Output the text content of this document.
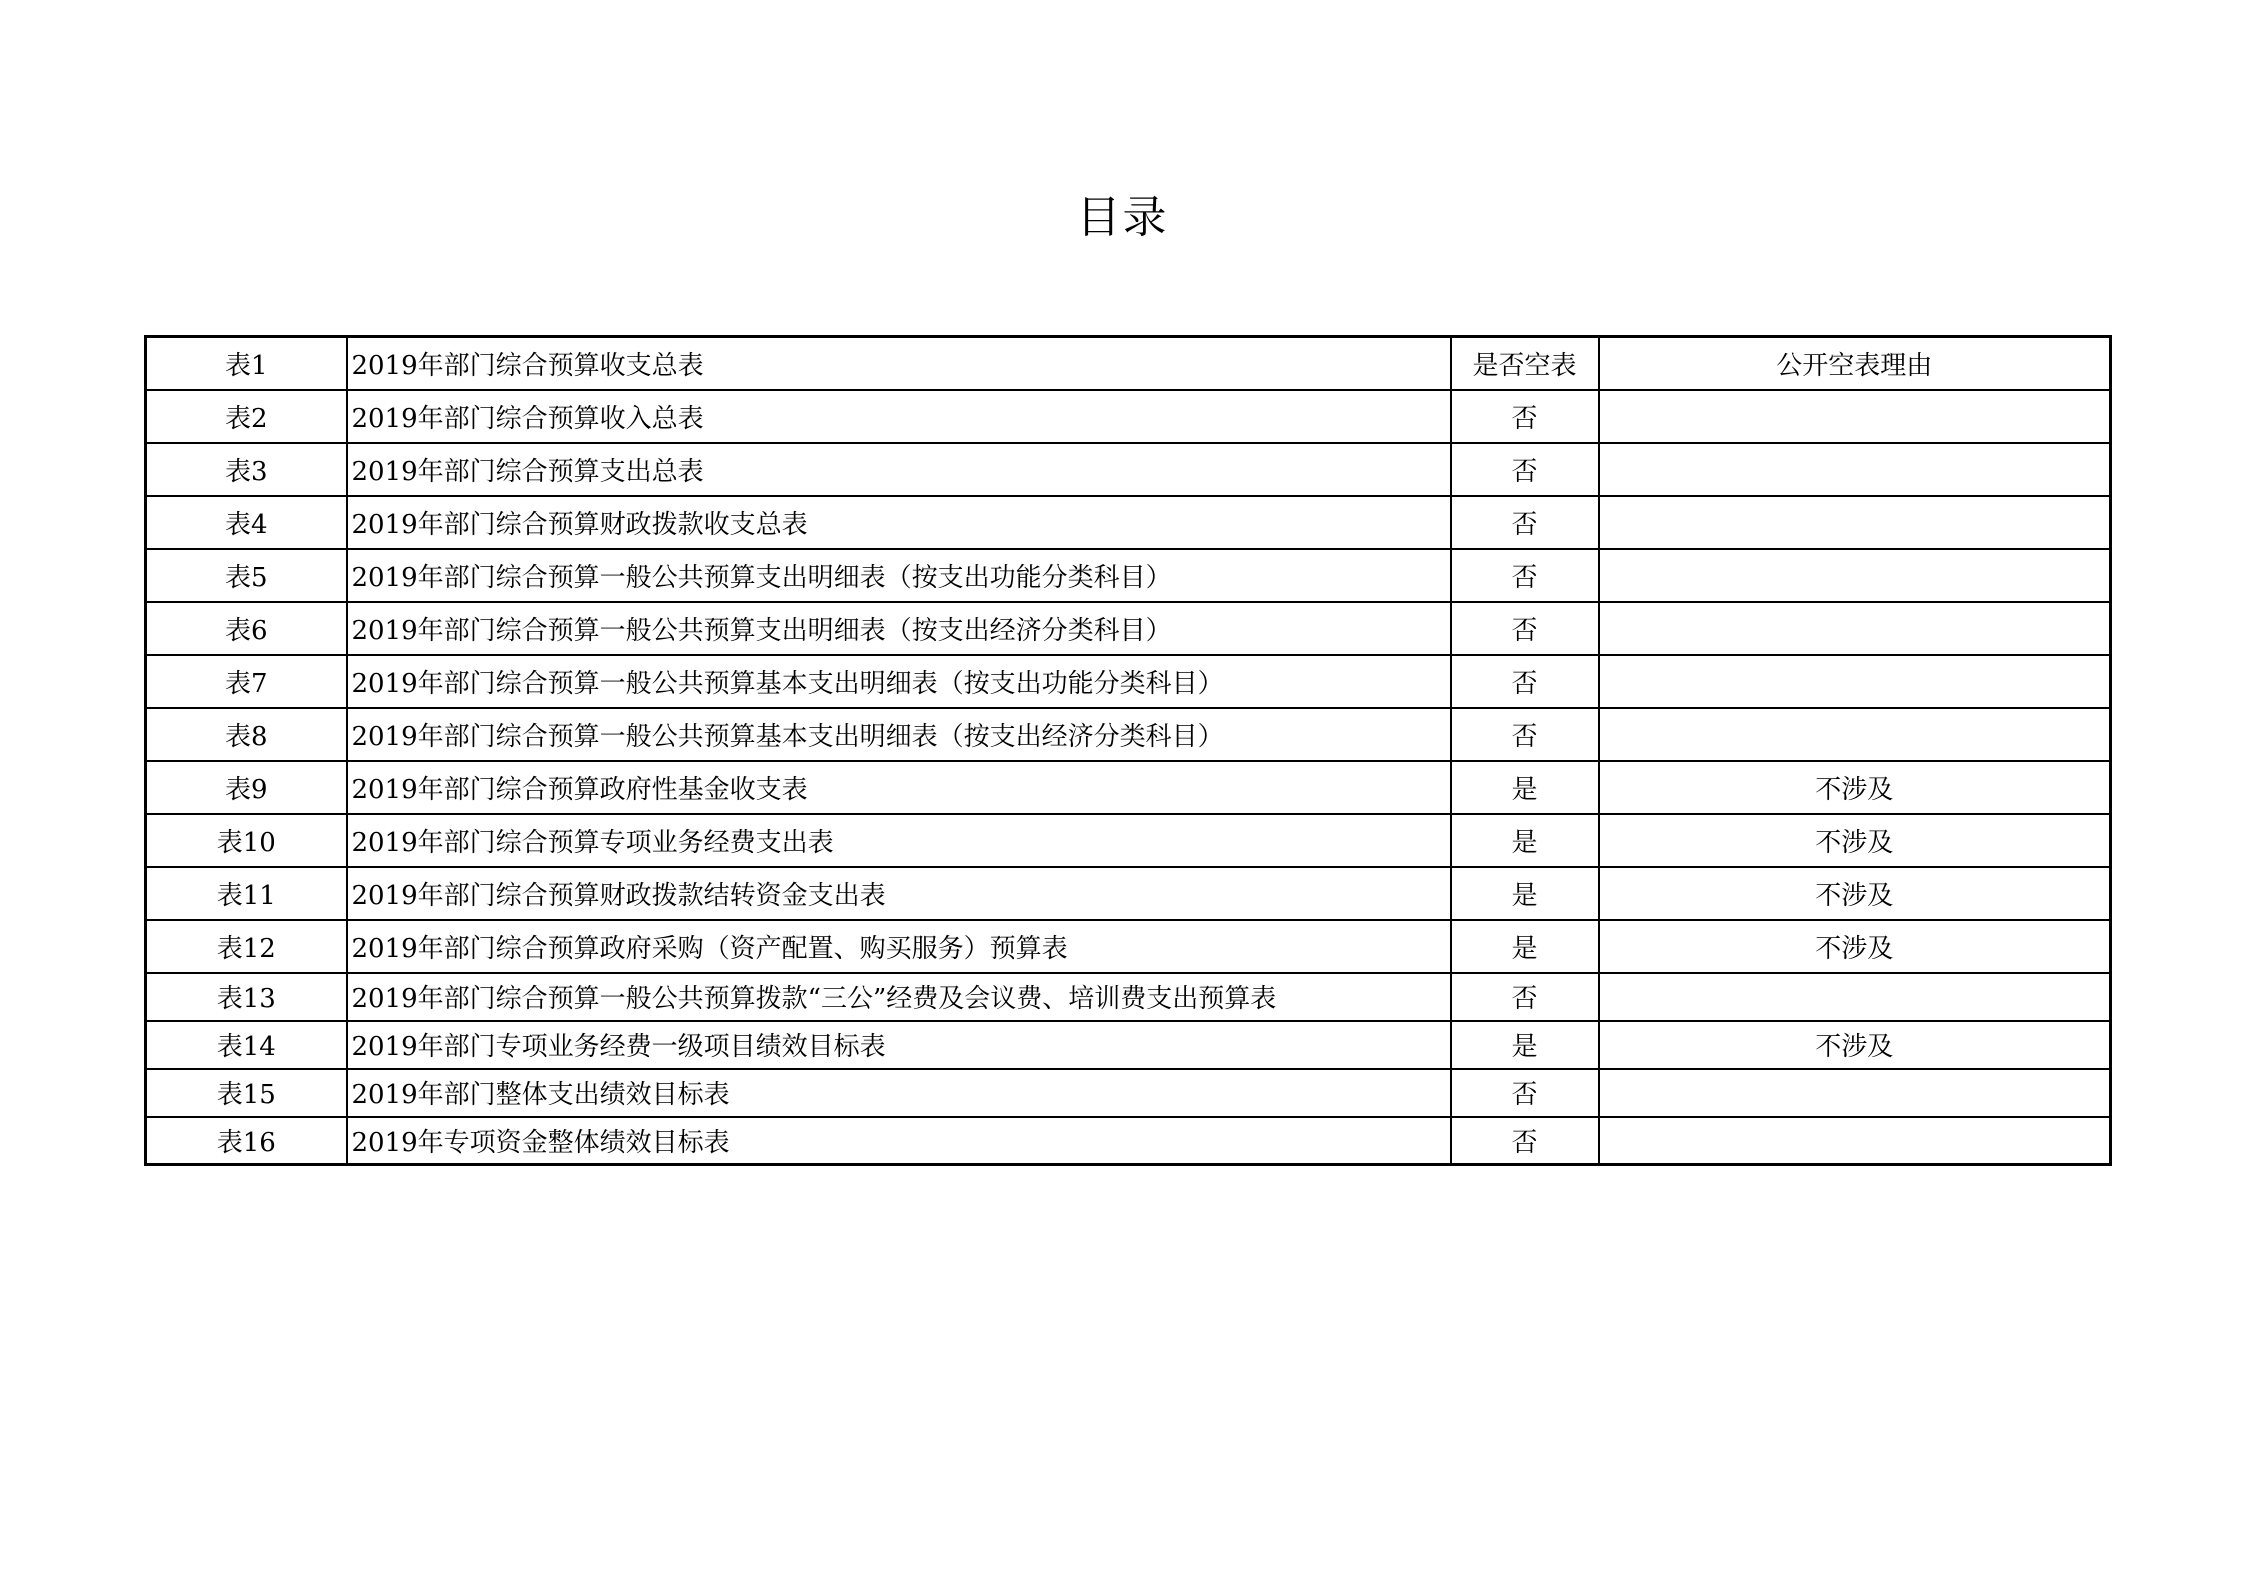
目录
表1	2019年部门综合预算收支总表	是否空表	公开空表理由
表2	2019年部门综合预算收入总表	否	
表3	2019年部门综合预算支出总表	否	
表4	2019年部门综合预算财政拨款收支总表	否	
表5	2019年部门综合预算一般公共预算支出明细表（按支出功能分类科目）	否	
表6	2019年部门综合预算一般公共预算支出明细表（按支出经济分类科目）	否	
表7	2019年部门综合预算一般公共预算基本支出明细表（按支出功能分类科目）	否	
表8	2019年部门综合预算一般公共预算基本支出明细表（按支出经济分类科目）	否	
表9	2019年部门综合预算政府性基金收支表	是	不涉及
表10	2019年部门综合预算专项业务经费支出表	是	不涉及
表11	2019年部门综合预算财政拨款结转资金支出表	是	不涉及
表12	2019年部门综合预算政府采购（资产配置、购买服务）预算表	是	不涉及
表13	2019年部门综合预算一般公共预算拨款“三公”经费及会议费、培训费支出预算表	否	
表14	2019年部门专项业务经费一级项目绩效目标表	是	不涉及
表15	2019年部门整体支出绩效目标表	否	
表16	2019年专项资金整体绩效目标表	否	
